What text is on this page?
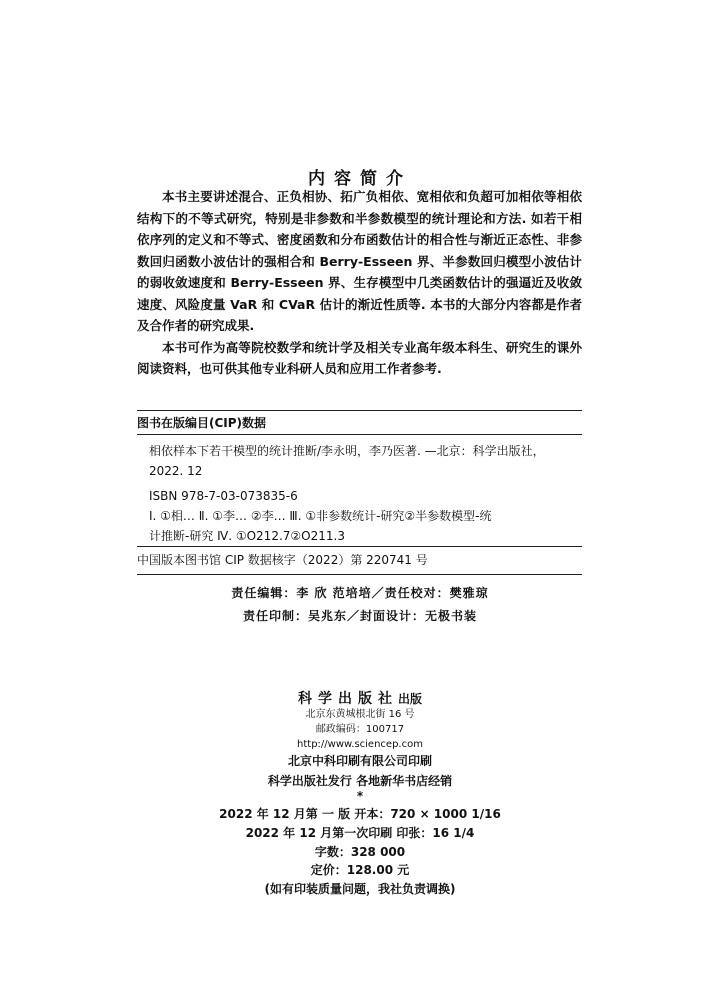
内容简介

本书主要讲述混合、正负相协、拓广负相依、宽相依和负超可加相依等相依结构下的不等式研究，特别是非参数和半参数模型的统计理论和方法. 如若干相依序列的定义和不等式、密度函数和分布函数估计的相合性与渐近正态性、非参数回归函数小波估计的强相合和 Berry-Esseen 界、半参数回归模型小波估计的弱收敛速度和 Berry-Esseen 界、生存模型中几类函数估计的强逼近及收敛速度、风险度量 VaR 和 CVaR 估计的渐近性质等. 本书的大部分内容都是作者及合作者的研究成果.

本书可作为高等院校数学和统计学及相关专业高年级本科生、研究生的课外阅读资料，也可供其他专业科研人员和应用工作者参考.

图书在版编目(CIP)数据
相依样本下若干模型的统计推断/李永明，李乃医著. —北京：科学出版社，
2022. 12
ISBN 978-7-03-073835-6
Ⅰ. ①相… Ⅱ. ①李… ②李… Ⅲ. ①非参数统计-研究②半参数模型-统
计推断-研究 Ⅳ. ①O212.7②O211.3
中国版本图书馆 CIP 数据核字（2022）第 220741 号
责任编辑：李 欣 范培培／责任校对：樊雅琼
责任印制：吴兆东／封面设计：无极书装
科学出版社出版
北京东黄城根北街 16 号
邮政编码：100717
http://www.sciencep.com
北京中科印刷有限公司印刷
科学出版社发行 各地新华书店经销
*
2022 年 12 月第 一 版 开本：720 × 1000 1/16
2022 年 12 月第一次印刷 印张：16 1/4
字数：328 000
定价：128.00 元
(如有印装质量问题，我社负责调换)
